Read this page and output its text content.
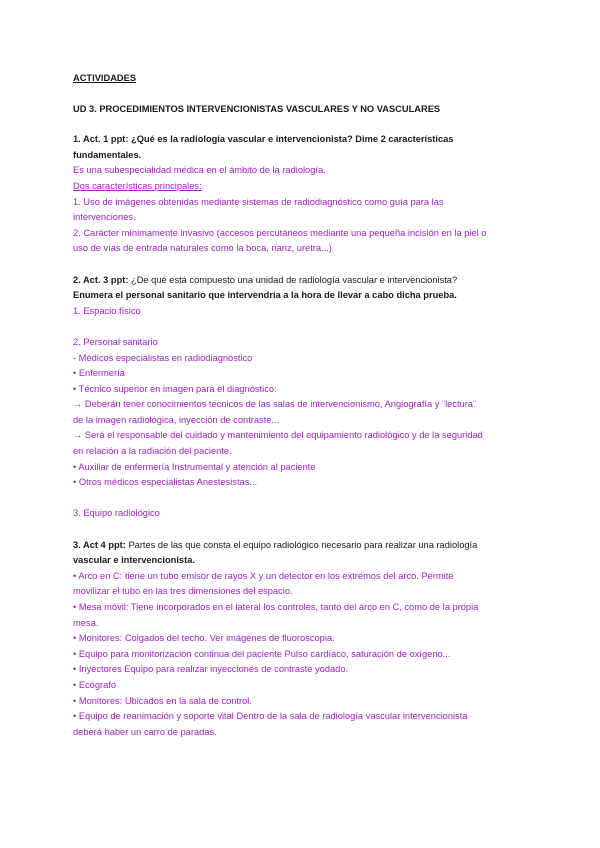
ACTIVIDADES

UD 3. PROCEDIMIENTOS INTERVENCIONISTAS VASCULARES Y NO VASCULARES

1. Act. 1 ppt: ¿Qué es la radiología vascular e intervencionista? Dime 2 características

fundamentales.

Es una subespecialidad médica en el ámbito de la radiología.

Dos características principales:

1. Uso de imágenes obtenidas mediante sistemas de radiodiagnóstico como guía para las

intervenciones.

2. Carácter mínimamente invasivo (accesos percutáneos mediante una pequeña incisión en la piel o

uso de vías de entrada naturales como la boca, nariz, uretra...)

2. Act. 3 ppt: ¿De qué está compuesto una unidad de radiología vascular e intervencionista?

Enumera el personal sanitario que intervendría a la hora de llevar a cabo dicha prueba.

1. Espacio físico

2. Personal sanitario

- Médicos especialistas en radiodiagnóstico

• Enfermería

• Técnico superior en imagen para el diagnóstico:

→ Deberán tener conocimientos técnicos de las salas de intervencionismo, Angiografía y ¨lectura¨

de la imagen radiológica, inyección de contraste...

→ Será el responsable del cuidado y mantenimiento del equipamiento radiológico y de la seguridad

en relación a la radiación del paciente.

• Auxiliar de enfermería Instrumental y atención al paciente

• Otros médicos especialistas Anestesistas...

3. Equipo radiológico

3. Act 4 ppt: Partes de las que consta el equipo radiológico necesario para realizar una radiología

vascular e intervencionista.

• Arco en C: tiene un tubo emisor de rayos X y un detector en los extremos del arco. Permite

movilizar el tubo en las tres dimensiones del espacio.

• Mesa móvil: Tiene incorporados en el lateral los controles, tanto del arco en C, como de la propia

mesa.

• Monitores: Colgados del techo. Ver imágenes de fluoroscopia.

• Equipo para monitorización continua del paciente Pulso cardíaco, saturación de oxígeno...

• Inyectores Equipo para realizar inyecciones de contraste yodado.

• Ecógrafo

• Monitores: Ubicados en la sala de control.

• Equipo de reanimación y soporte vital Dentro de la sala de radiología vascular intervencionista

deberá haber un carro de paradas.
